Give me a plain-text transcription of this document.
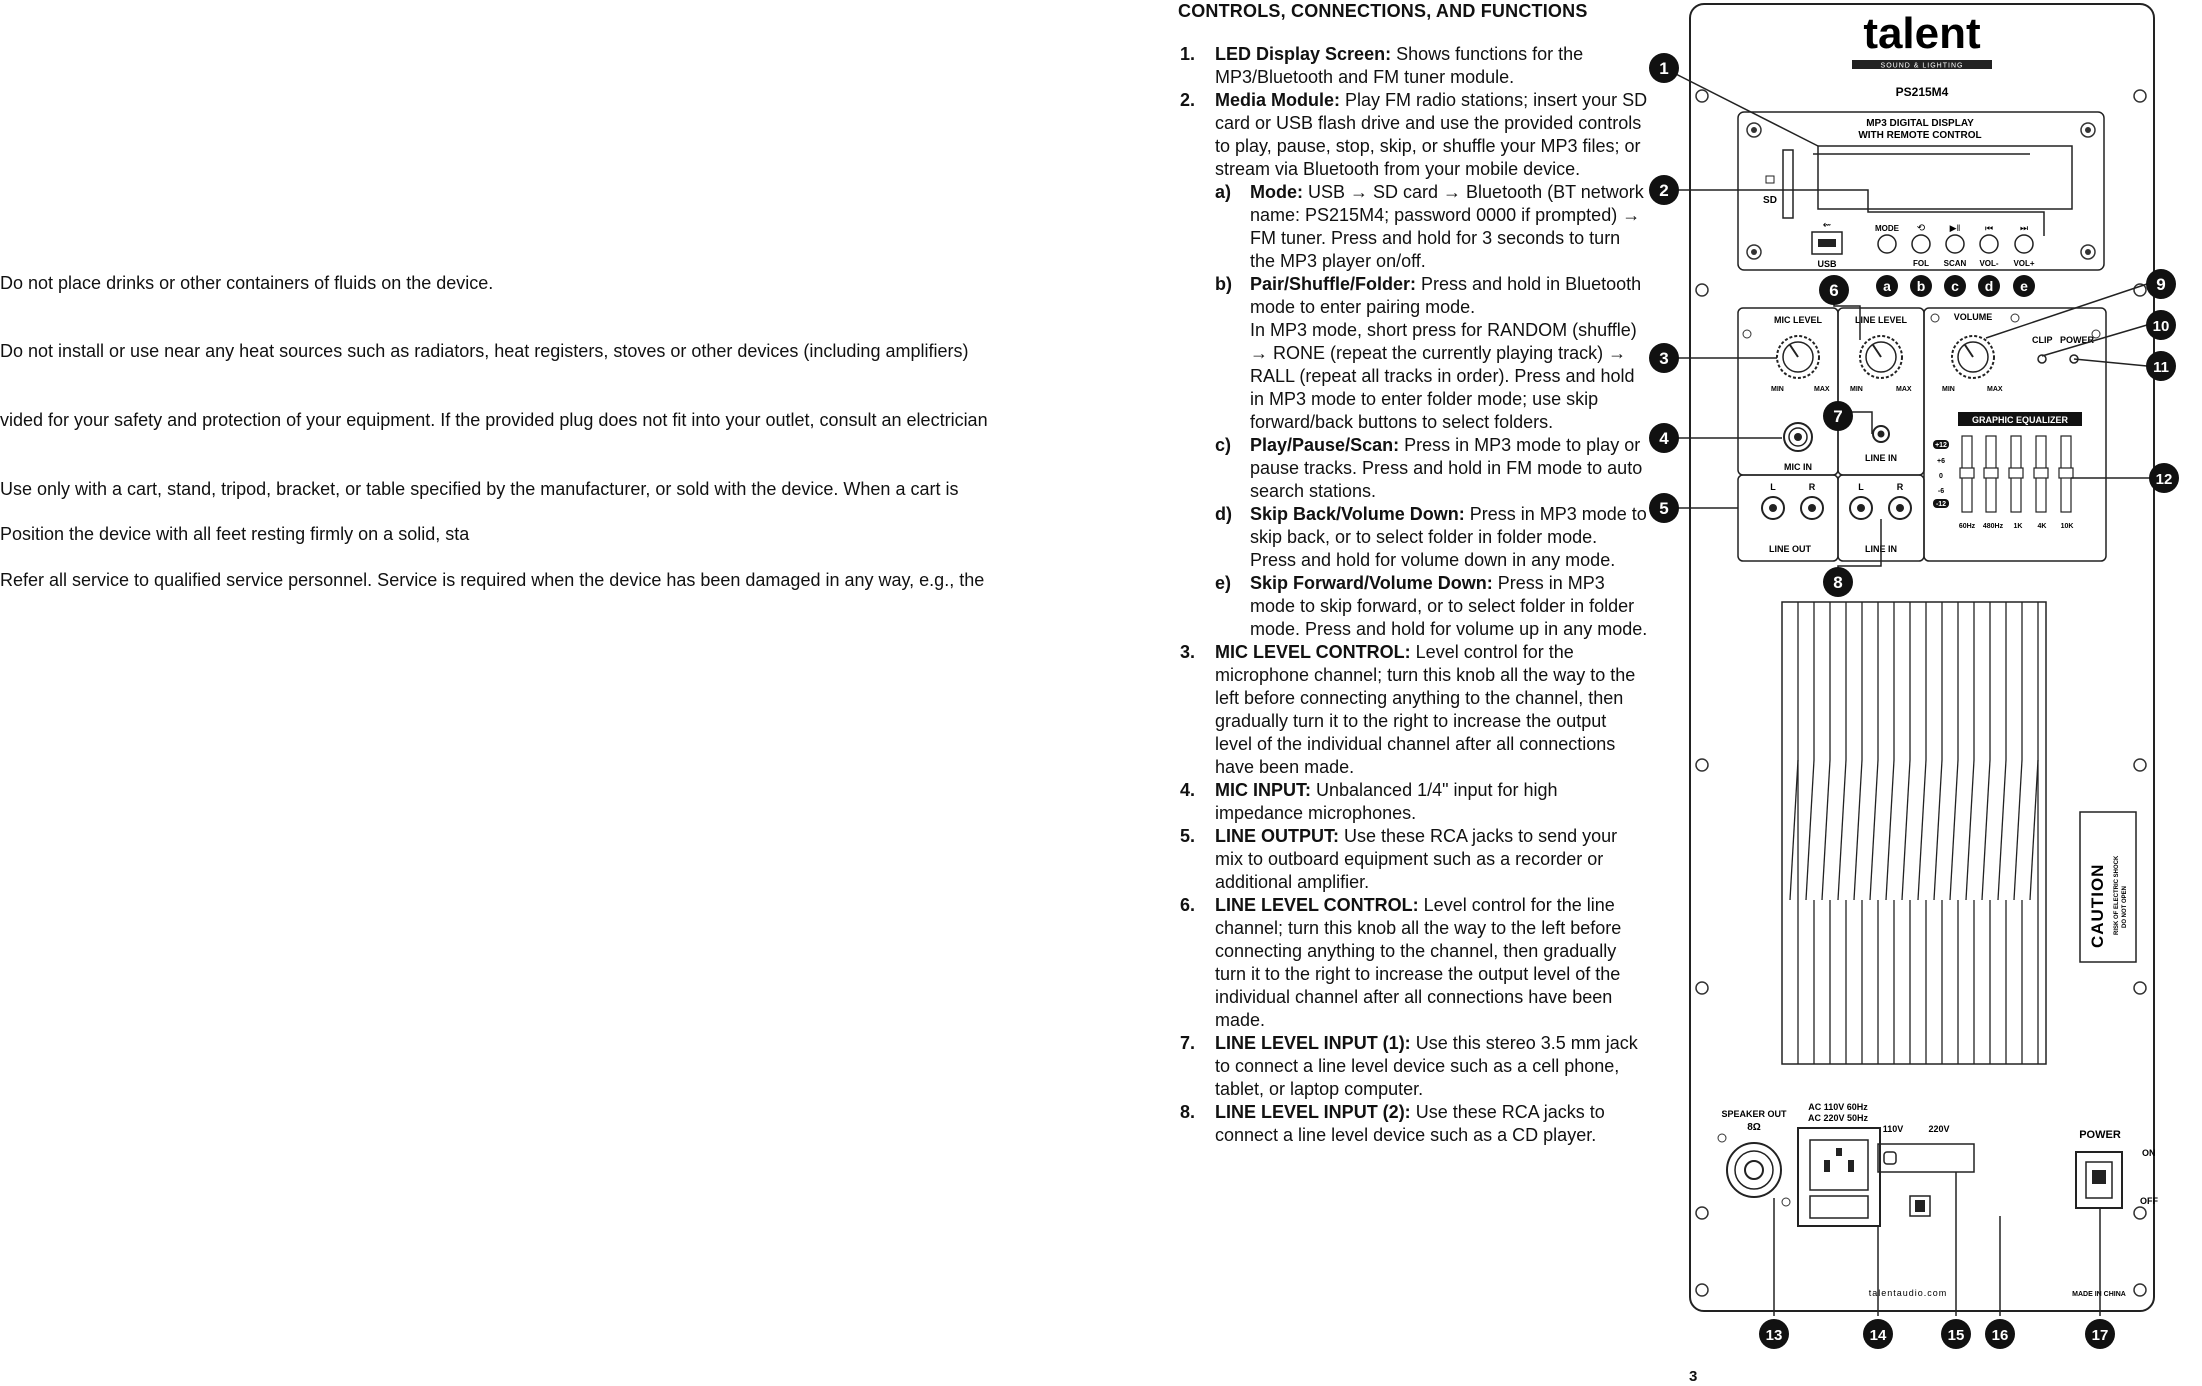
Do not place drinks or other containers of fluids on the device.
Do not install or use near any heat sources such as radiators, heat registers, stoves or other devices (including amplifiers)
vided for your safety and protection of your equipment. If the provided plug does not fit into your outlet, consult an electrician
Use only with a cart, stand, tripod, bracket, or table specified by the manufacturer, or sold with the device. When a cart is
Position the device with all feet resting firmly on a solid, sta
Refer all service to qualified service personnel. Service is required when the device has been damaged in any way, e.g., the
CONTROLS, CONNECTIONS, AND FUNCTIONS
1. LED Display Screen: Shows functions for the MP3/Bluetooth and FM tuner module.
2. Media Module: Play FM radio stations; insert your SD card or USB flash drive and use the provided controls to play, pause, stop, skip, or shuffle your MP3 files; or stream via Bluetooth from your mobile device.
a) Mode: USB → SD card → Bluetooth (BT network name: PS215M4; password 0000 if prompted) → FM tuner. Press and hold for 3 seconds to turn the MP3 player on/off.
b) Pair/Shuffle/Folder: Press and hold in Bluetooth mode to enter pairing mode.
In MP3 mode, short press for RANDOM (shuffle) → RONE (repeat the currently playing track) → RALL (repeat all tracks in order). Press and hold in MP3 mode to enter folder mode; use skip forward/back buttons to select folders.
c) Play/Pause/Scan: Press in MP3 mode to play or pause tracks. Press and hold in FM mode to auto search stations.
d) Skip Back/Volume Down: Press in MP3 mode to skip back, or to select folder in folder mode. Press and hold for volume down in any mode.
e) Skip Forward/Volume Down: Press in MP3 mode to skip forward, or to select folder in folder mode. Press and hold for volume up in any mode.
3. MIC LEVEL CONTROL: Level control for the microphone channel; turn this knob all the way to the left before connecting anything to the channel, then gradually turn it to the right to increase the output level of the individual channel after all connections have been made.
4. MIC INPUT: Unbalanced 1/4" input for high impedance microphones.
5. LINE OUTPUT: Use these RCA jacks to send your mix to outboard equipment such as a recorder or additional amplifier.
6. LINE LEVEL CONTROL: Level control for the line channel; turn this knob all the way to the left before connecting anything to the channel, then gradually turn it to the right to increase the output level of the individual channel after all connections have been made.
7. LINE LEVEL INPUT (1): Use this stereo 3.5 mm jack to connect a line level device such as a cell phone, tablet, or laptop computer.
8. LINE LEVEL INPUT (2): Use these RCA jacks to connect a line level device such as a CD player.
talent
SOUND & LIGHTING
PS215M4
MP3 DIGITAL DISPLAY
WITH REMOTE CONTROL
SD
⇜
USB
MODE ⟲
FOL
▶‖
SCAN
⏮
VOL-
⏭
VOL+
a b c d e
MIC LEVEL
MIN	MAX
MIC IN
LINE LEVEL
MIN	MAX
LINE IN
VOLUME
MIN	MAX
CLIP POWER
GRAPHIC EQUALIZER
+12
+6
0
-6
-12
60Hz 480Hz 1K 4K 10K
L	R
LINE OUT
L	R
LINE IN
CAUTION RISK OF ELECTRIC SHOCK DO NOT OPEN
SPEAKER OUT
8Ω
AC 110V 60Hz
AC 220V 50Hz
110V	220V	POWER
ON
OFF
talentaudio.com	MADE IN CHINA
1
2
3
4
5
6
7
8
9
10
11
12
13	14	15 16	17
3
